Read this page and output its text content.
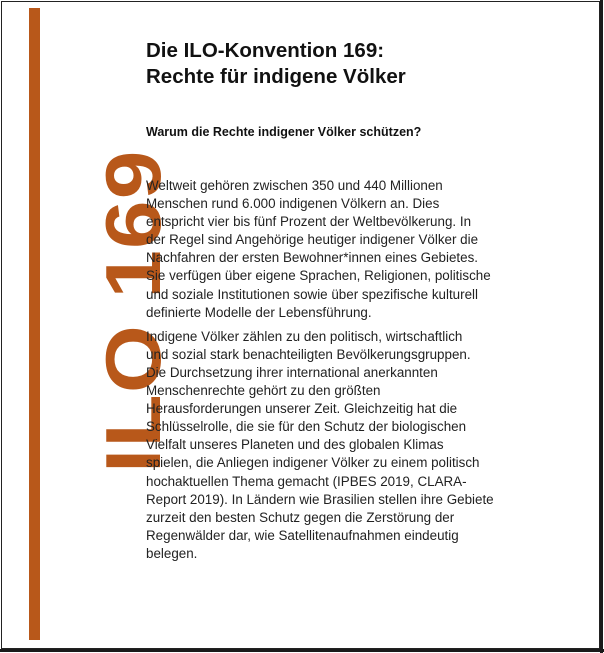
ILO 169
Die ILO-Konvention 169:
Rechte für indigene Völker
Warum die Rechte indigener Völker schützen?

Weltweit gehören zwischen 350 und 440 Millionen
Menschen rund 6.000 indigenen Völkern an. Dies
entspricht vier bis fünf Prozent der Weltbevölkerung. In
der Regel sind Angehörige heutiger indigener Völker die
Nachfahren der ersten Bewohner*innen eines Gebietes.
Sie verfügen über eigene Sprachen, Religionen, politische
und soziale Institutionen sowie über spezifische kulturell
definierte Modelle der Lebensführung.

Indigene Völker zählen zu den politisch, wirtschaftlich
und sozial stark benachteiligten Bevölkerungsgruppen.
Die Durchsetzung ihrer international anerkannten
Menschenrechte gehört zu den größten
Herausforderungen unserer Zeit. Gleichzeitig hat die
Schlüsselrolle, die sie für den Schutz der biologischen
Vielfalt unseres Planeten und des globalen Klimas
spielen, die Anliegen indigener Völker zu einem politisch
hochaktuellen Thema gemacht (IPBES 2019, CLARA-
Report 2019). In Ländern wie Brasilien stellen ihre Gebiete
zurzeit den besten Schutz gegen die Zerstörung der
Regenwälder dar, wie Satellitenaufnahmen eindeutig
belegen.
